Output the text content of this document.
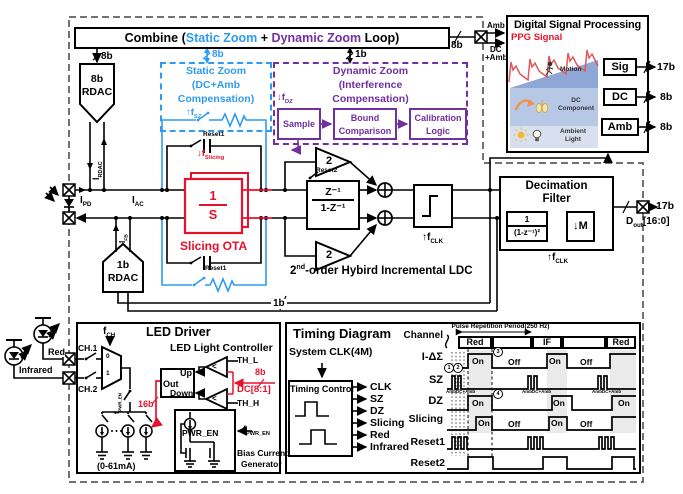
Combine (Static Zoom + Dynamic Zoom Loop)
8b
Amb
DC
+Amb
Digital Signal Processing
PPG Signal
Motion
DC
Component
Ambient
Light
Sig
DC
Amb
17b
8b
8b
8b
8b
RDAC
$I_{RDAC}$
$I_{PD}$	$I_{AC}$
$I_{FB}$
1b
RDAC
8b
Static Zoom
(DC+Amb
Compensation)
$↑f_{SZ}$
Reset1
Reset1
1b
Dynamic Zoom
(Interference
Compensation)
$↓f_{DZ}$
Sample
Bound
Comparison
Calibration
Logic
$\frac{1}{S}$
$↓f_{Slicing}$
Slicing OTA
$\frac{\text{Z⁻¹}}{\text{1-Z⁻¹}}$
Reset2
2
2
$↑f_{CLK}$
2nd-order Hybird Incremental LDC
1b
Decimation
Filter
$\frac{1}{\text{(1-z⁻¹)²}}$	↓M
$↑f_{CLK}$
17b
$D_{out}[16:0]$
LED Driver
$f_{CH}$
CH.1
CH.2
0
1
$f_{PWR\_EN}$ 16b
(0-61mA)
LED Light Controller
Out
Up
Down
<
<
TH_L
TH_H
8b
DC[8:1]
PWR_EN	$f_{PWR\_EN}$
Bias Current
Generator
Red
Infrared
Timing Diagram
System CLK(4M)
Timing Control CLK
SZ
DZ
Slicing
Red
Infrared
Channel
I-ΔΣ
SZ
DZ
Slicing
Reset1
Reset2
Pulse Repetition Period(250 Hz)
Red	IF	Red
1	2
3
4
On	Off	On Off
On	On	On
On Off	On Off
Amb DC+Amb	Amb DC+Amb	Amb DC+Amb
